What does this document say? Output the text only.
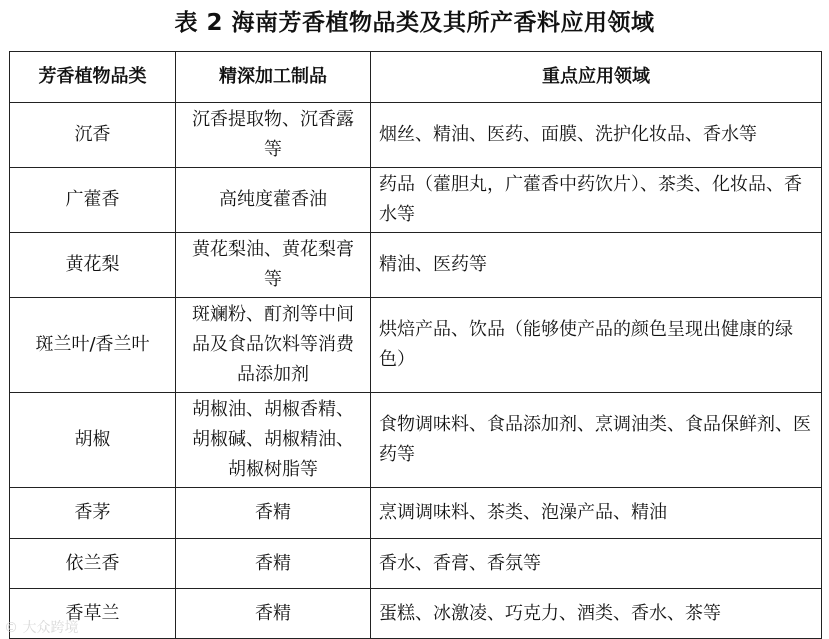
表 2 海南芳香植物品类及其所产香料应用领域
芳香植物品类	精深加工制品	重点应用领域
沉香	沉香提取物、沉香露等	烟丝、精油、医药、面膜、洗护化妆品、香水等
广藿香	高纯度藿香油	药品（藿胆丸，广藿香中药饮片）、茶类、化妆品、香水等
黄花梨	黄花梨油、黄花梨膏等	精油、医药等
斑兰叶/香兰叶	斑斓粉、酊剂等中间品及食品饮料等消费品添加剂	烘焙产品、饮品（能够使产品的颜色呈现出健康的绿色）
胡椒	胡椒油、胡椒香精、胡椒碱、胡椒精油、胡椒树脂等	食物调味料、食品添加剂、烹调油类、食品保鲜剂、医药等
香茅	香精	烹调调味料、茶类、泡澡产品、精油
依兰香	香精	香水、香膏、香氛等
香草兰	香精	蛋糕、冰激凌、巧克力、酒类、香水、茶等
© 大众跨境
